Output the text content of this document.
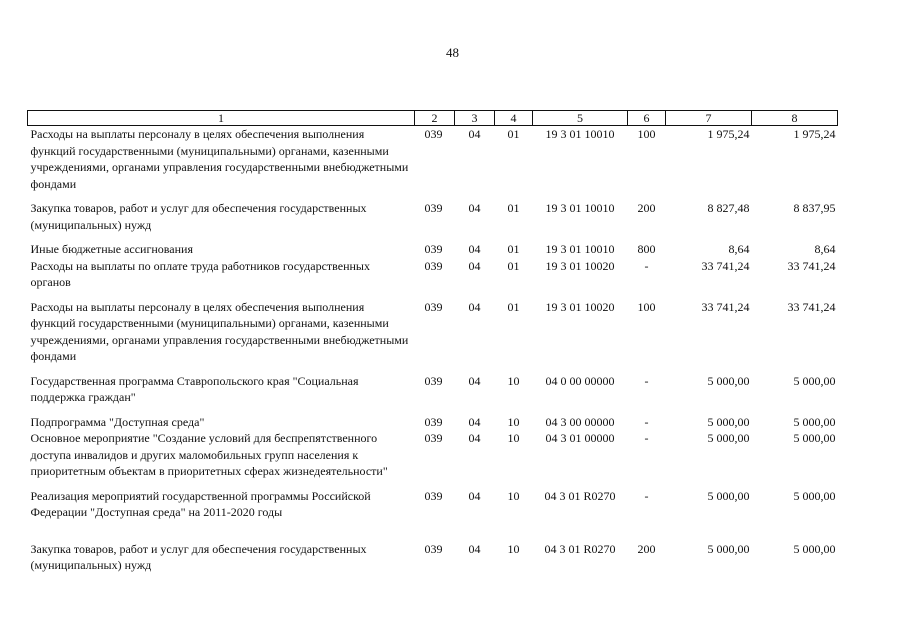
48
1	2	3	4	5	6	7	8
Расходы на выплаты персоналу в целях обеспечения выполнения функций государственными (муниципальными) органами, казенными учреждениями, органами управления государственными внебюджетными фондами	039	04	01	19 3 01 10010	100	1 975,24	1 975,24
Закупка товаров, работ и услуг для обеспечения государственных (муниципальных) нужд	039	04	01	19 3 01 10010	200	8 827,48	8 837,95
Иные бюджетные ассигнования	039	04	01	19 3 01 10010	800	8,64	8,64
Расходы на выплаты по оплате труда работников государственных органов	039	04	01	19 3 01 10020	-	33 741,24	33 741,24
Расходы на выплаты персоналу в целях обеспечения выполнения функций государственными (муниципальными) органами, казенными учреждениями, органами управления государственными внебюджетными фондами	039	04	01	19 3 01 10020	100	33 741,24	33 741,24
Государственная программа Ставропольского края "Социальная поддержка граждан"	039	04	10	04 0 00 00000	-	5 000,00	5 000,00
Подпрограмма "Доступная среда"	039	04	10	04 3 00 00000	-	5 000,00	5 000,00
Основное мероприятие "Создание условий для беспрепятственного доступа инвалидов и других маломобильных групп населения к приоритетным объектам в приоритетных сферах жизнедеятельности"	039	04	10	04 3 01 00000	-	5 000,00	5 000,00
Реализация мероприятий государственной программы Российской Федерации "Доступная среда" на 2011-2020 годы	039	04	10	04 3 01 R0270	-	5 000,00	5 000,00
Закупка товаров, работ и услуг для обеспечения государственных (муниципальных) нужд	039	04	10	04 3 01 R0270	200	5 000,00	5 000,00
